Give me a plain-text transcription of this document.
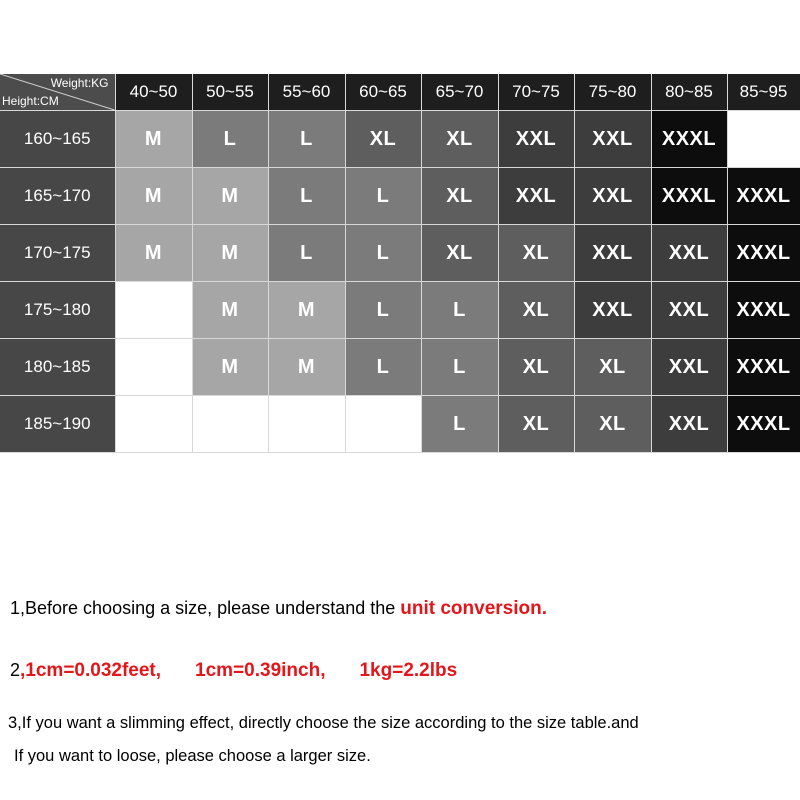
Weight:KG
Height:CM	40~50	50~55	55~60	60~65	65~70	70~75	75~80	80~85	85~95
160~165	M	L	L	XL	XL	XXL	XXL	XXXL	
165~170	M	M	L	L	XL	XXL	XXL	XXXL	XXXL
170~175	M	M	L	L	XL	XL	XXL	XXL	XXXL
175~180		M	M	L	L	XL	XXL	XXL	XXXL
180~185		M	M	L	L	XL	XL	XXL	XXXL
185~190					L	XL	XL	XXL	XXXL
1,Before choosing a size, please understand the unit conversion.
2,1cm=0.032feet, 1cm=0.39inch, 1kg=2.2lbs
3,If you want a slimming effect, directly choose the size according to the size table.and
If you want to loose, please choose a larger size.
